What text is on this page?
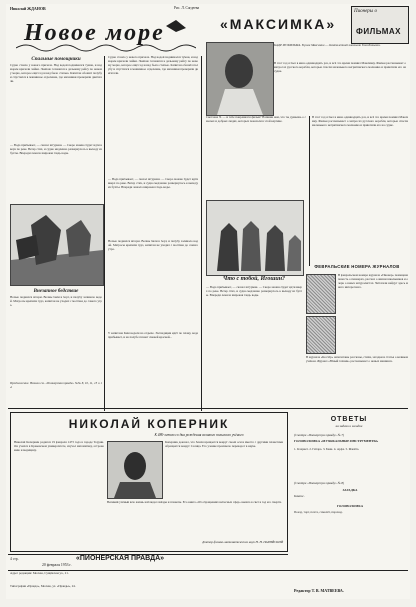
Николай ЖДАНОВ	Рис. Л. Сагдеева
Новое море
Спальные помощники
Судно стояло у нового причала. Над водой поднимался туман, и над морем кричали чайки. Экипаж готовился к дальнему рейсу по новому морю, которое ещё год назад было степью. Капитан обошёл палубу и спустился в машинное отделение, где механики проверяли двигатели.
— Вода прибывает, — сказал штурман. — Скоро можно будет идти вверх по реке. Ветер стих, и судно медленно развернулось к выходу из бухты. Впереди лежала широкая гладь воды.
Внезапное бедствие
Ночью поднялся шторм. Волны били в борт, и палубу заливало водой. Матросы крепили груз, капитан не уходил с мостика до самого утра.
Продолжение. Начало см. «Пионерская правда» №№ 8, 10, 11, 13 и 14.
Судно стояло у нового причала. Над водой поднимался туман, и над морем кричали чайки. Экипаж готовился к дальнему рейсу по новому морю, которое ещё год назад было степью. Капитан обошёл палубу и спустился в машинное отделение, где механики проверяли двигатели.
— Вода прибывает, — сказал штурман. — Скоро можно будет идти вверх по реке. Ветер стих, и судно медленно развернулось к выходу из бухты. Впереди лежала широкая гладь воды.
Ночью поднялся шторм. Волны били в борт, и палубу заливало водой. Матросы крепили груз, капитан не уходил с мостика до самого утра.
У капитана Ким неделя на отдыхе. Экспедиция идёт по плану, вода прибывает, и на палубе пахнет свежей краской...
«МАКСИМКА»
Пионеры о
ФИЛЬМАХ
КАДР ИЗ ФИЛЬМА. В роли Максимки — девятилетний школьник Толя Бовыкин.
В этот год я был в кино одиннадцать раз, и всё это время помнил Максимку. Фильм рассказывает о матросах русского корабля, которые спасли маленького негритянского мальчика и приютили его на судне.
Светлана Ч. — и тебе понравился фильм? Напиши нам, что ты думаешь о смелых и добрых людях, которых показали в этой картине.
В этот год я был в кино одиннадцать раз, и всё это время помнил Максимку. Фильм рассказывает о матросах русского корабля, которые спасли маленького негритянского мальчика и приютили его на судне.
Что с тобой, Игошин?
ФЕВРАЛЬСКИЕ НОМЕРА ЖУРНАЛОВ
В февральском номере журнала «Пионер» помещена повесть о пионерах, рассказ о жизни школьников и очерк о юных натуралистах. Читатели найдут здесь много интересного.
В журнале «Костёр» напечатаны рассказы, стихи, загадки и статья о великом учёном. Журнал «Юный техник» рассказывает о новых машинах.
— Вода прибывает, — сказал штурман. — Скоро можно будет идти вверх по реке. Ветер стих, и судно медленно развернулось к выходу из бухты. Впереди лежала широкая гладь воды.
НИКОЛАЙ КОПЕРНИК
К 480-летию со дня рождения великого польского учёного
Николай Коперник родился 19 февраля 1473 года в городе Торуни. Он учился в Краковском университете, изучал математику, астрономию и медицину.
Коперник доказал, что Земля вращается вокруг своей оси и вместе с другими планетами обращается вокруг Солнца. Его учение произвело переворот в науке.
Великий учёный всю жизнь наблюдал звёзды и планеты. Его книга «Об обращениях небесных сфер» вышла в свет в год его смерти.
Доктор физико-математических наук Н. Н. ПАРИЙСКИЙ
ОТВЕТЫ
на задачи и загадки
(Смотри «Пионерскую правду» № 7)
ГОЛОВОЛОМКА «МУЗЫКАЛЬНЫЕ ИНСТРУМЕНТЫ»
1. Кларнет. 2. Гитара. 3. Баян. 4. Арфа. 5. Флейта.
(Смотри «Пионерскую правду» № 8)
ЗАГАДКА
Компас.
ГОЛОВОЛОМКА
Поезд, торт, почта, самолёт, пароход.
4 стр.	«ПИОНЕРСКАЯ ПРАВДА»
20 февраля 1953 г.
Адрес редакции: Москва, Сущёвская ул., 21.
Типография «Правда», Москва, ул. «Правды», 24.
Редактор Т. В. МАТВЕЕВА.
